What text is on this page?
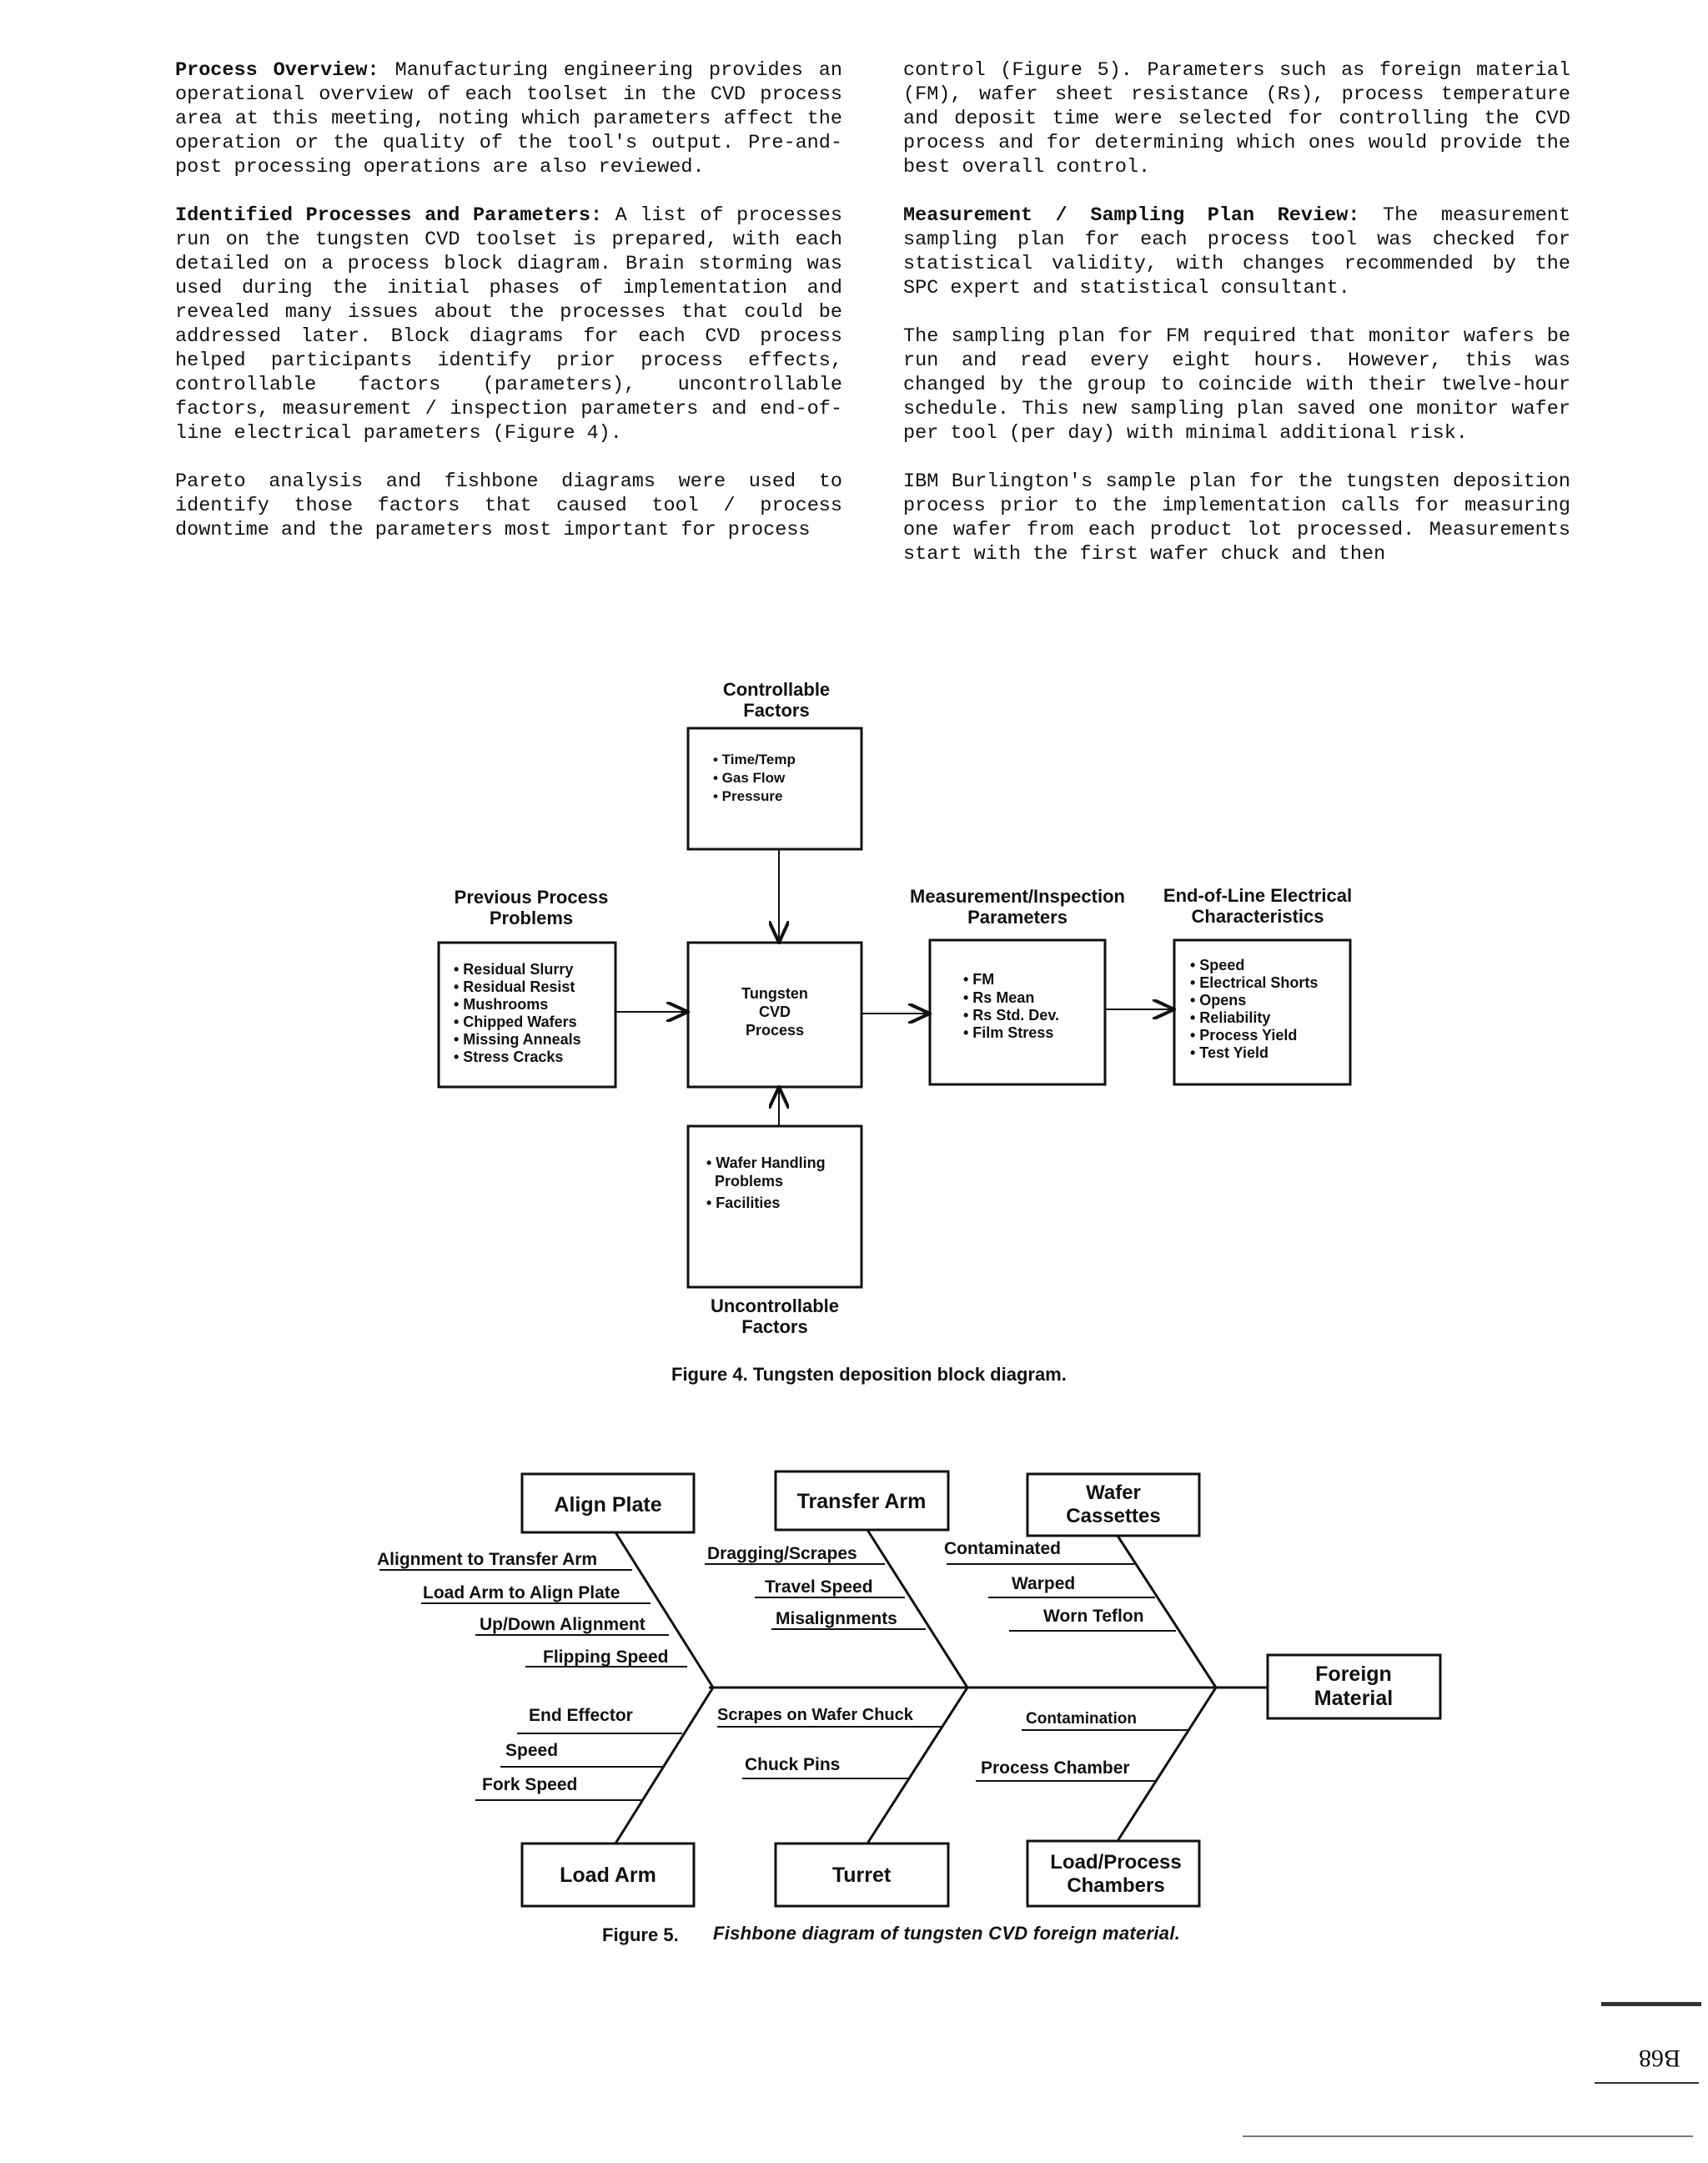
Process Overview: Manufacturing engineering provides an operational overview of each toolset in the CVD process area at this meeting, noting which parameters affect the operation or the quality of the tool's output. Pre-and-post processing operations are also reviewed.

Identified Processes and Parameters: A list of processes run on the tungsten CVD toolset is prepared, with each detailed on a process block diagram. Brain storming was used during the initial phases of implementation and revealed many issues about the processes that could be addressed later. Block diagrams for each CVD process helped participants identify prior process effects, controllable factors (parameters), uncontrollable factors, measurement / inspection parameters and end-of-line electrical parameters (Figure 4).

Pareto analysis and fishbone diagrams were used to identify those factors that caused tool / process downtime and the parameters most important for process

control (Figure 5). Parameters such as foreign material (FM), wafer sheet resistance (Rs), process temperature and deposit time were selected for controlling the CVD process and for determining which ones would provide the best overall control.

Measurement / Sampling Plan Review: The measurement sampling plan for each process tool was checked for statistical validity, with changes recommended by the SPC expert and statistical consultant.

The sampling plan for FM required that monitor wafers be run and read every eight hours. However, this was changed by the group to coincide with their twelve-hour schedule. This new sampling plan saved one monitor wafer per tool (per day) with minimal additional risk.

IBM Burlington's sample plan for the tungsten deposition process prior to the implementation calls for measuring one wafer from each product lot processed. Measurements start with the first wafer chuck and then

Controllable
Factors
• Time/Temp
• Gas Flow
• Pressure
Previous Process
Problems
• Residual Slurry
• Residual Resist
• Mushrooms
• Chipped Wafers
• Missing Anneals
• Stress Cracks
Tungsten
CVD
Process
Measurement/Inspection
Parameters
• FM
• Rs Mean
• Rs Std. Dev.
• Film Stress
End-of-Line Electrical
Characteristics
• Speed
• Electrical Shorts
• Opens
• Reliability
• Process Yield
• Test Yield
• Wafer Handling
Problems
• Facilities
Uncontrollable
Factors
Figure 4. Tungsten deposition block diagram.
Foreign
Material
Align Plate	Transfer Arm	Wafer
Cassettes
Load Arm	Turret
Load/Process
Chambers
Alignment to Transfer Arm
Load Arm to Align Plate
Up/Down Alignment
Flipping Speed
Dragging/Scrapes
Travel Speed
Misalignments
Contaminated
Warped
Worn Teflon
End Effector
Speed
Fork Speed
Scrapes on Wafer Chuck
Chuck Pins
Contamination
Process Chamber
Figure 5. Fishbone diagram of tungsten CVD foreign material.
B68
